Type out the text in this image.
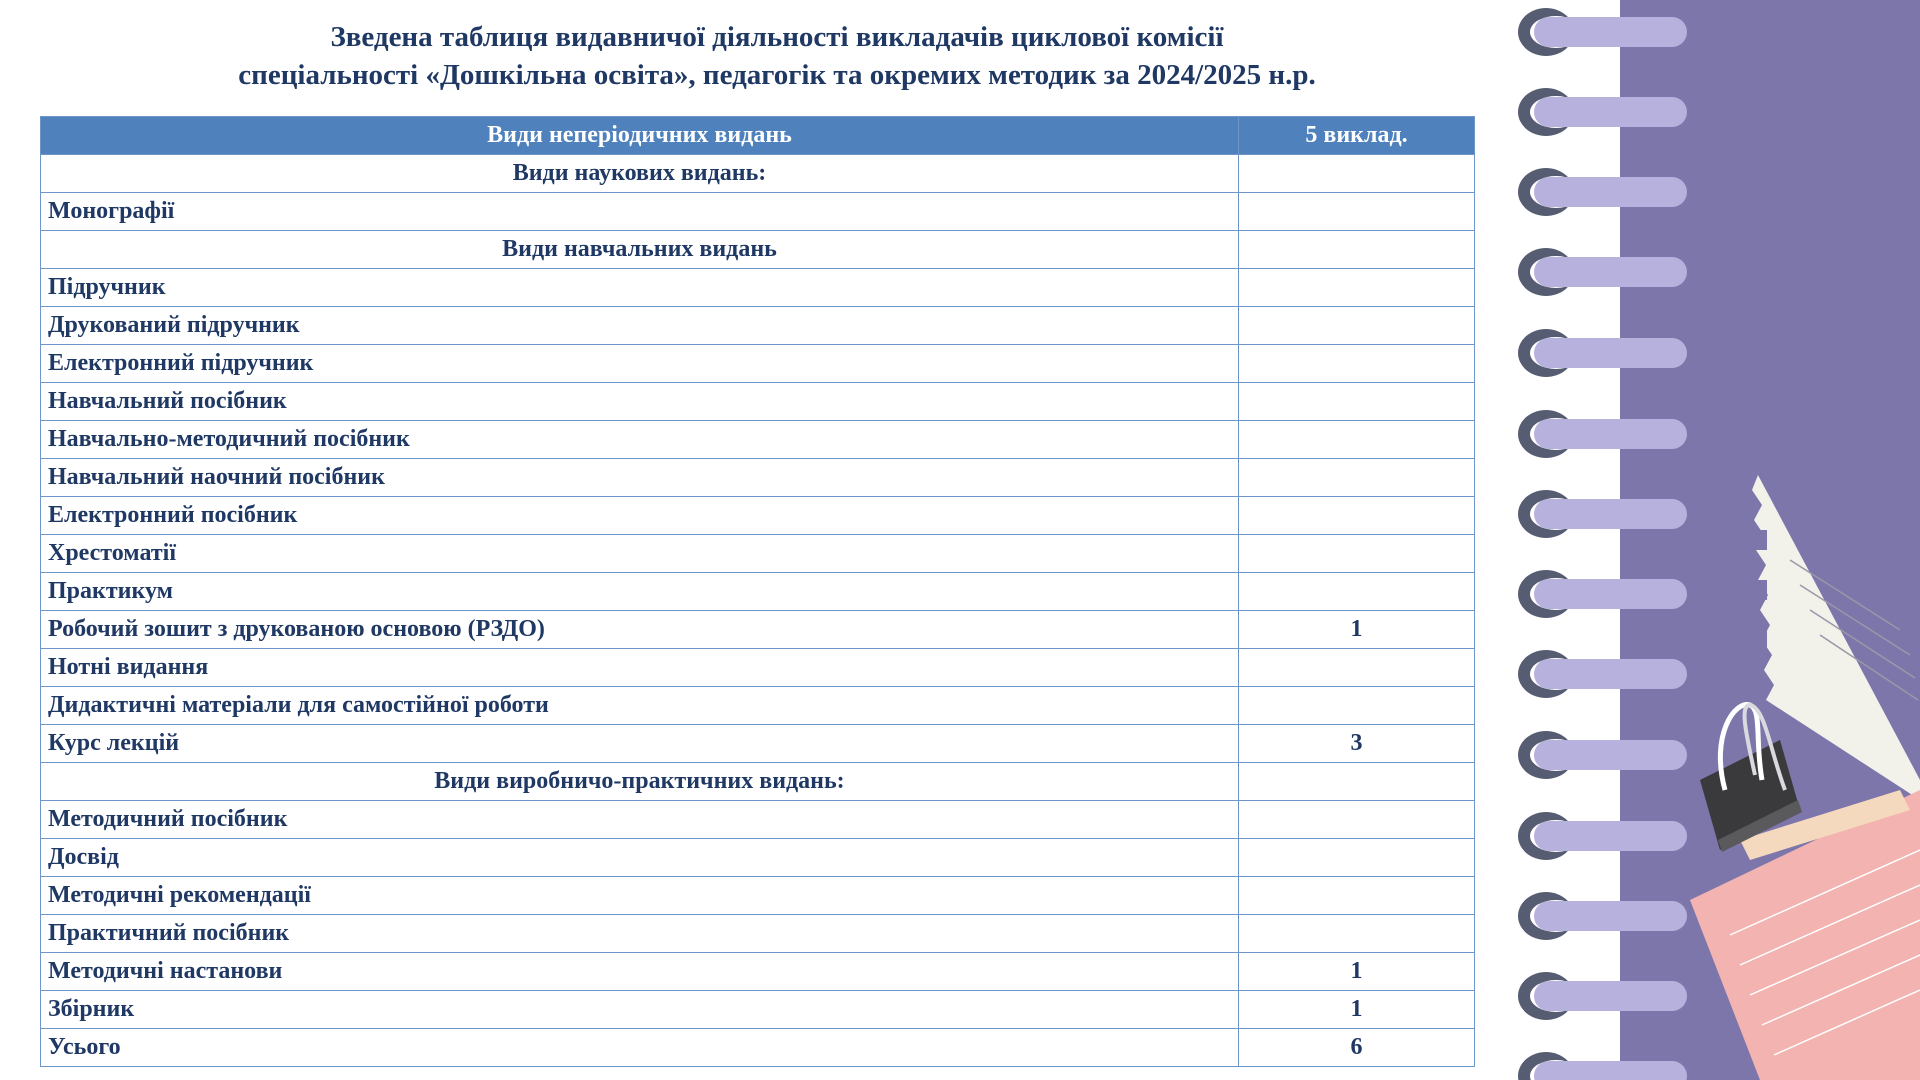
Зведена таблиця видавничої діяльності викладачів циклової комісії
спеціальності «Дошкільна освіта», педагогік та окремих методик за 2024/2025 н.р.
Види неперіодичних видань	5 виклад.
Види наукових видань:	
Монографії	
Види навчальних видань	
Підручник	
Друкований підручник	
Електронний підручник	
Навчальний посібник	
Навчально-методичний посібник	
Навчальний наочний посібник	
Електронний посібник	
Хрестоматії	
Практикум	
Робочий зошит з друкованою основою (РЗДО)	1
Нотні видання	
Дидактичні матеріали для самостійної роботи	
Курс лекцій	3
Види виробничо-практичних видань:	
Методичний посібник	
Досвід	
Методичні рекомендації	
Практичний посібник	
Методичні настанови	1
Збірник	1
Усього	6
